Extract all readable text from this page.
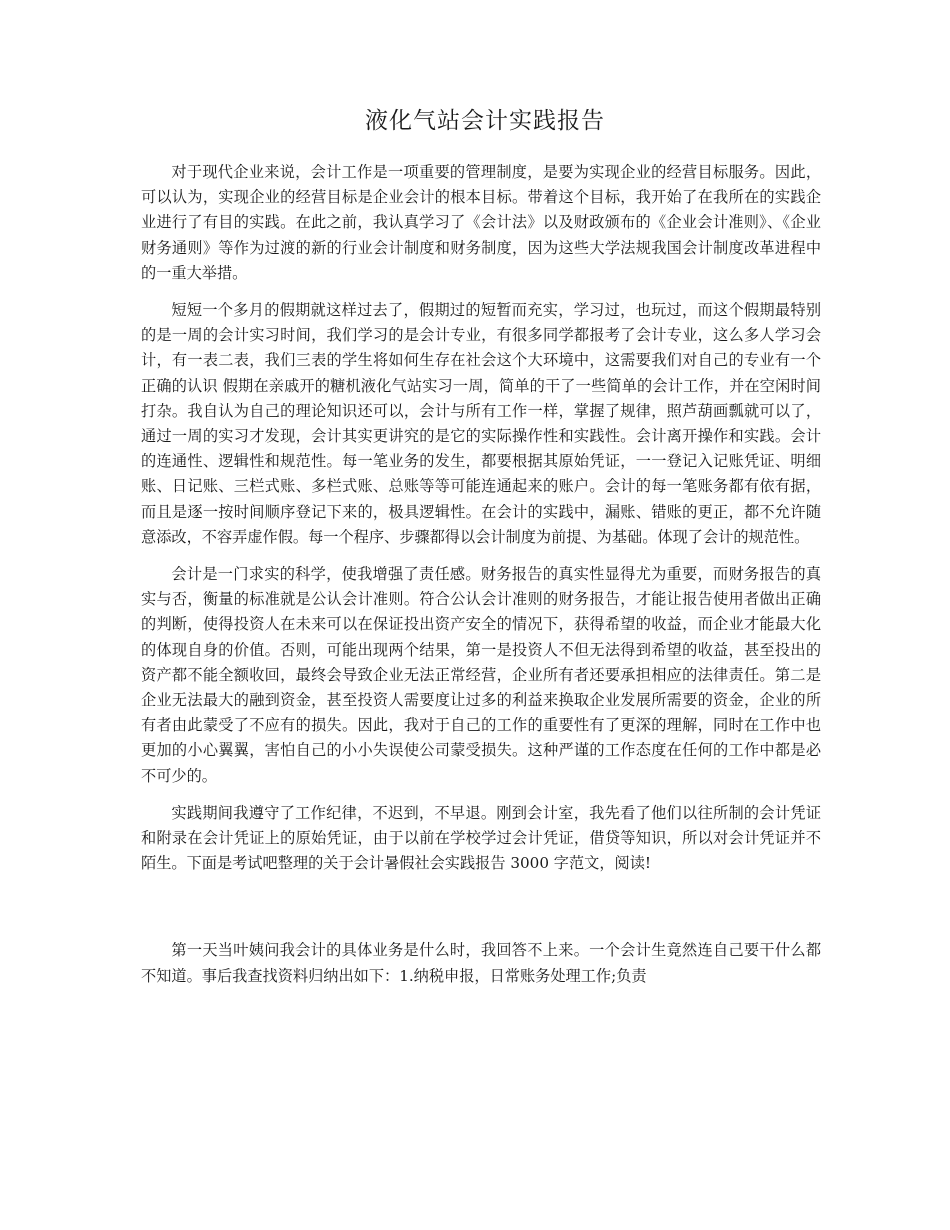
液化气站会计实践报告

对于现代企业来说，会计工作是一项重要的管理制度，是要为实现企业的经营目标服务。因此，可以认为，实现企业的经营目标是企业会计的根本目标。带着这个目标，我开始了在我所在的实践企业进行了有目的实践。在此之前，我认真学习了《会计法》以及财政颁布的《企业会计准则》、《企业财务通则》等作为过渡的新的行业会计制度和财务制度，因为这些大学法规我国会计制度改革进程中的一重大举措。

短短一个多月的假期就这样过去了，假期过的短暂而充实，学习过，也玩过，而这个假期最特别的是一周的会计实习时间，我们学习的是会计专业，有很多同学都报考了会计专业，这么多人学习会计，有一表二表，我们三表的学生将如何生存在社会这个大环境中，这需要我们对自己的专业有一个正确的认识 假期在亲戚开的糖机液化气站实习一周，简单的干了一些简单的会计工作，并在空闲时间打杂。我自认为自己的理论知识还可以，会计与所有工作一样，掌握了规律，照芦葫画瓢就可以了，通过一周的实习才发现，会计其实更讲究的是它的实际操作性和实践性。会计离开操作和实践。会计的连通性、逻辑性和规范性。每一笔业务的发生，都要根据其原始凭证，一一登记入记账凭证、明细账、日记账、三栏式账、多栏式账、总账等等可能连通起来的账户。会计的每一笔账务都有依有据，而且是逐一按时间顺序登记下来的，极具逻辑性。在会计的实践中，漏账、错账的更正，都不允许随意添改，不容弄虚作假。每一个程序、步骤都得以会计制度为前提、为基础。体现了会计的规范性。

会计是一门求实的科学，使我增强了责任感。财务报告的真实性显得尤为重要，而财务报告的真实与否，衡量的标准就是公认会计准则。符合公认会计准则的财务报告，才能让报告使用者做出正确的判断，使得投资人在未来可以在保证投出资产安全的情况下，获得希望的收益，而企业才能最大化的体现自身的价值。否则，可能出现两个结果，第一是投资人不但无法得到希望的收益，甚至投出的资产都不能全额收回，最终会导致企业无法正常经营，企业所有者还要承担相应的法律责任。第二是企业无法最大的融到资金，甚至投资人需要度让过多的利益来换取企业发展所需要的资金，企业的所有者由此蒙受了不应有的损失。因此，我对于自己的工作的重要性有了更深的理解，同时在工作中也更加的小心翼翼，害怕自己的小小失误使公司蒙受损失。这种严谨的工作态度在任何的工作中都是必不可少的。

实践期间我遵守了工作纪律，不迟到，不早退。刚到会计室，我先看了他们以往所制的会计凭证和附录在会计凭证上的原始凭证，由于以前在学校学过会计凭证，借贷等知识，所以对会计凭证并不陌生。下面是考试吧整理的关于会计暑假社会实践报告 3000 字范文，阅读!

第一天当叶姨问我会计的具体业务是什么时，我回答不上来。一个会计生竟然连自己要干什么都不知道。事后我查找资料归纳出如下：1.纳税申报，日常账务处理工作;负责
